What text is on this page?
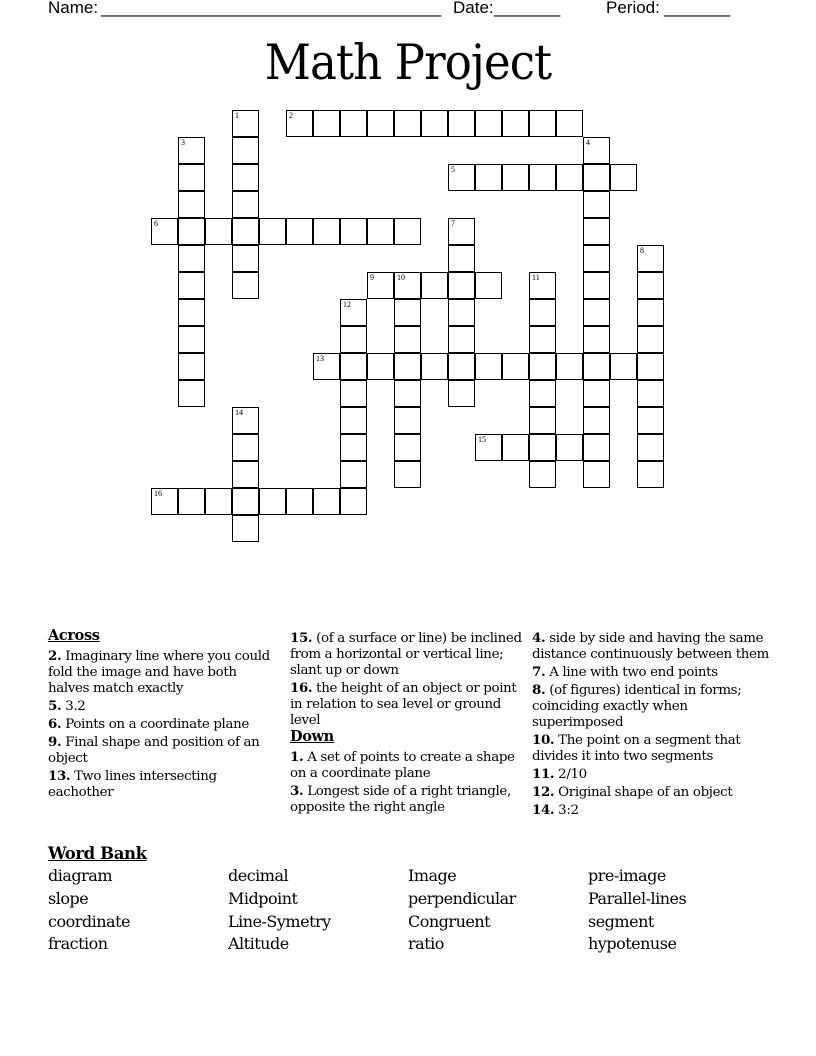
Name: ____________________________________ Date: _______	Period: _______
Math Project
1	2
3	4
5
6	7
8
9	10	11
12
13
14
15
16
Across
2. Imaginary line where you could fold the image and have both halves match exactly
5. 3.2
6. Points on a coordinate plane
9. Final shape and position of an object
13. Two lines intersecting eachother
15. (of a surface or line) be inclined from a horizontal or vertical line; slant up or down
16. the height of an object or point in relation to sea level or ground level
Down
1. A set of points to create a shape on a coordinate plane
3. Longest side of a right triangle, opposite the right angle
4. side by side and having the same distance continuously between them
7. A line with two end points
8. (of figures) identical in forms; coinciding exactly when superimposed
10. The point on a segment that divides it into two segments
11. 2/10
12. Original shape of an object
14. 3:2
Word Bank
diagram	decimal	Image	pre-image
slope	Midpoint	perpendicular	Parallel-lines
coordinate	Line-Symetry	Congruent	segment
fraction	Altitude	ratio	hypotenuse
